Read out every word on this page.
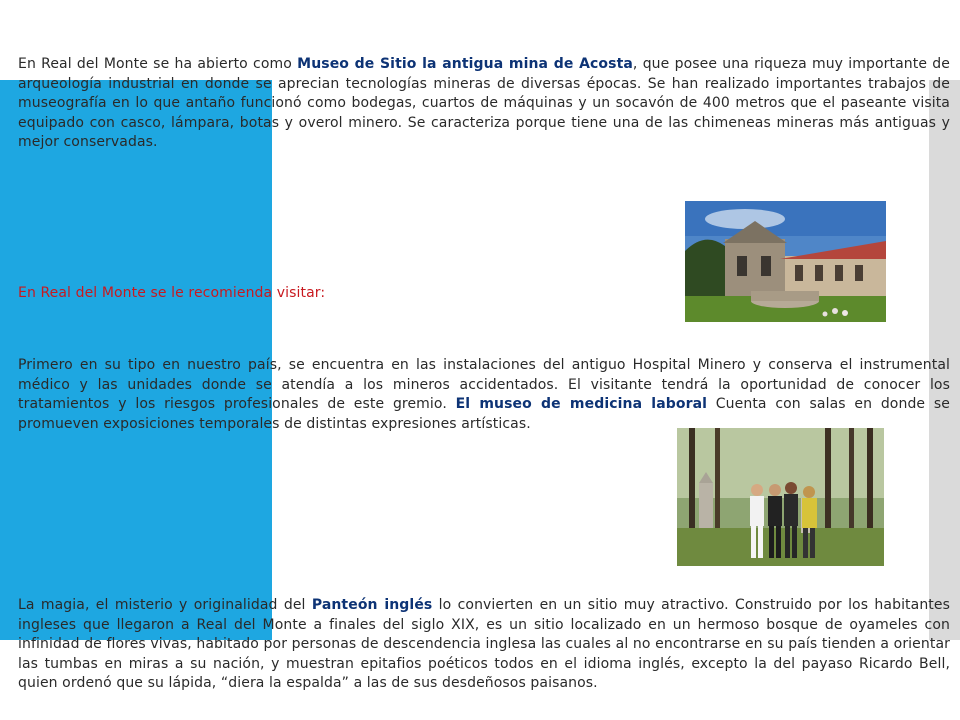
En Real del Monte se ha abierto como Museo de Sitio la antigua mina de Acosta, que posee una riqueza muy importante de arqueología industrial en donde se aprecian tecnologías mineras de diversas épocas. Se han realizado importantes trabajos de museografía en lo que antaño funcionó como bodegas, cuartos de máquinas y un socavón de 400 metros que el paseante visita equipado con casco, lámpara, botas y overol minero. Se caracteriza porque tiene una de las chimeneas mineras más antiguas y mejor conservadas.

En Real del Monte se le recomienda visitar:

Primero en su tipo en nuestro país, se encuentra en las instalaciones del antiguo Hospital Minero y conserva el instrumental médico y las unidades donde se atendía a los mineros accidentados. El visitante tendrá la oportunidad de conocer los tratamientos y los riesgos profesionales de este gremio. El museo de medicina laboral Cuenta con salas en donde se promueven exposiciones temporales de distintas expresiones artísticas.

La magia, el misterio y originalidad del Panteón inglés lo convierten en un sitio muy atractivo. Construido por los habitantes ingleses que llegaron a Real del Monte a finales del siglo XIX, es un sitio localizado en un hermoso bosque de oyameles con infinidad de flores vivas, habitado por personas de descendencia inglesa las cuales al no encontrarse en su país tienden a orientar las tumbas en miras a su nación, y muestran epitafios poéticos todos en el idioma inglés, excepto la del payaso Ricardo Bell, quien ordenó que su lápida, “diera la espalda” a las de sus desdeñosos paisanos.
